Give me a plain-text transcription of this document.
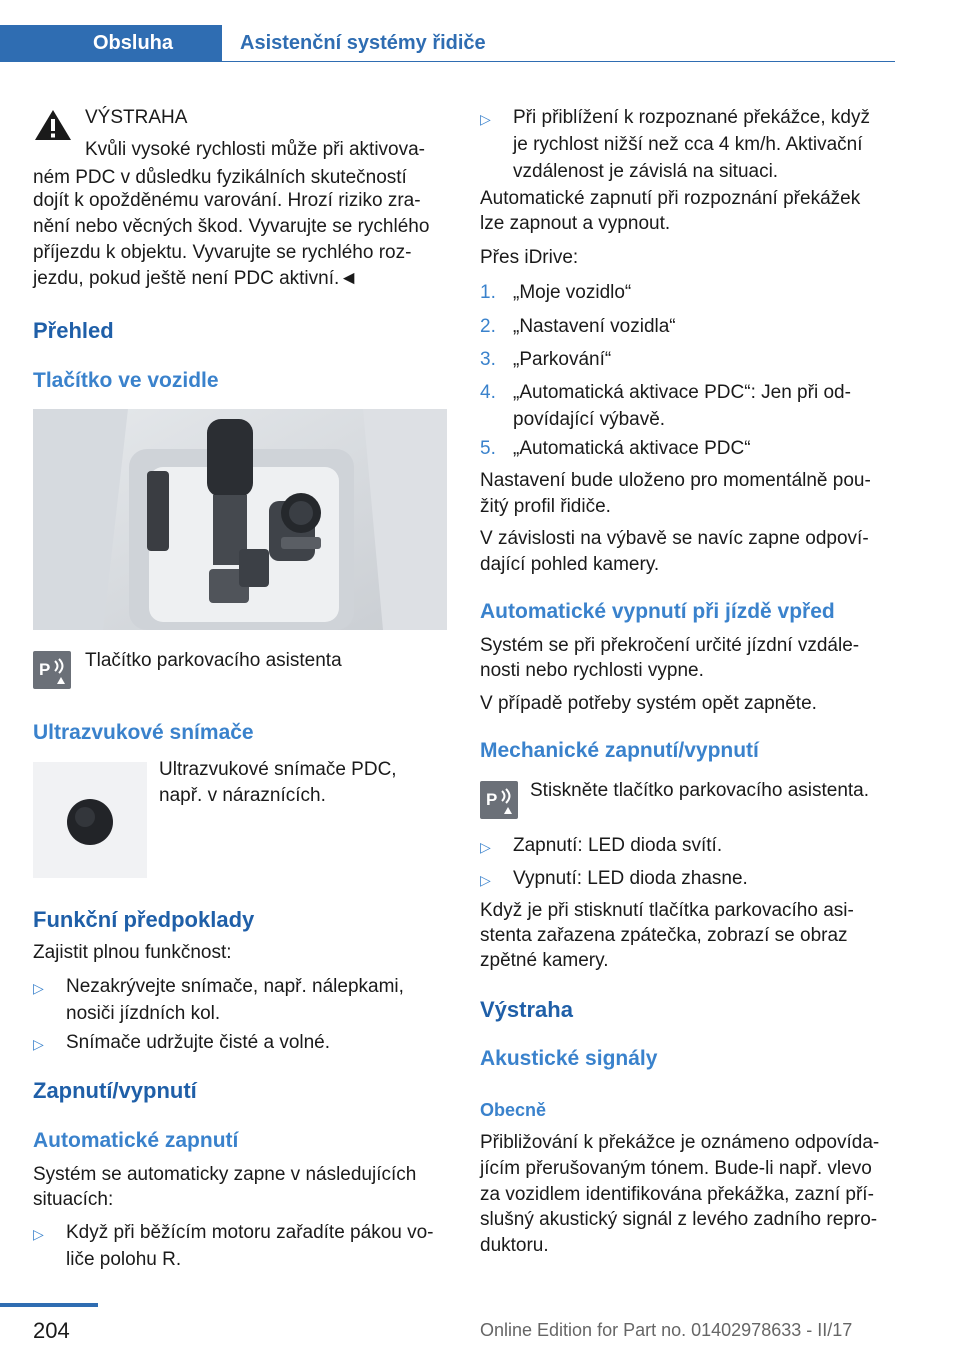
Obsluha	Asistenční systémy řidiče
VÝSTRAHA
Kvůli vysoké rychlosti může při aktivova‐
ném PDC v důsledku fyzikálních skutečností
dojít k opožděnému varování. Hrozí riziko zra‐
nění nebo věcných škod. Vyvarujte se rychlého
příjezdu k objektu. Vyvarujte se rychlého roz‐
jezdu, pokud ještě není PDC aktivní.◄
Přehled
Tlačítko ve vozidle
P Tlačítko parkovacího asistenta
Ultrazvukové snímače
Ultrazvukové snímače PDC,
např. v náraznících.
Funkční předpoklady
Zajistit plnou funkčnost:
▷	Nezakrývejte snímače, např. nálepkami,
nosiči jízdních kol.
▷	Snímače udržujte čisté a volné.
Zapnutí/vypnutí
Automatické zapnutí
Systém se automaticky zapne v následujících
situacích:
▷	Když při běžícím motoru zařadíte pákou vo‐
liče polohu R.
▷	Při přiblížení k rozpoznané překážce, když
je rychlost nižší než cca 4 km/h. Aktivační
vzdálenost je závislá na situaci.
Automatické zapnutí při rozpoznání překážek
lze zapnout a vypnout.
Přes iDrive:
1. „Moje vozidlo“
2. „Nastavení vozidla“
3. „Parkování“
4. „Automatická aktivace PDC“: Jen při od‐
povídající výbavě.
5. „Automatická aktivace PDC“
Nastavení bude uloženo pro momentálně pou‐
žitý profil řidiče.
V závislosti na výbavě se navíc zapne odpoví‐
dající pohled kamery.
Automatické vypnutí při jízdě vpřed
Systém se při překročení určité jízdní vzdále‐
nosti nebo rychlosti vypne.
V případě potřeby systém opět zapněte.
Mechanické zapnutí/vypnutí
P Stiskněte tlačítko parkovacího asistenta.
▷	Zapnutí: LED dioda svítí.
▷	Vypnutí: LED dioda zhasne.
Když je při stisknutí tlačítka parkovacího asi‐
stenta zařazena zpátečka, zobrazí se obraz
zpětné kamery.
Výstraha
Akustické signály
Obecně
Přibližování k překážce je oznámeno odpovída‐
jícím přerušovaným tónem. Bude-li např. vlevo
za vozidlem identifikována překážka, zazní pří‐
slušný akustický signál z levého zadního repro‐
duktoru.
204	Online Edition for Part no. 01402978633 - II/17
